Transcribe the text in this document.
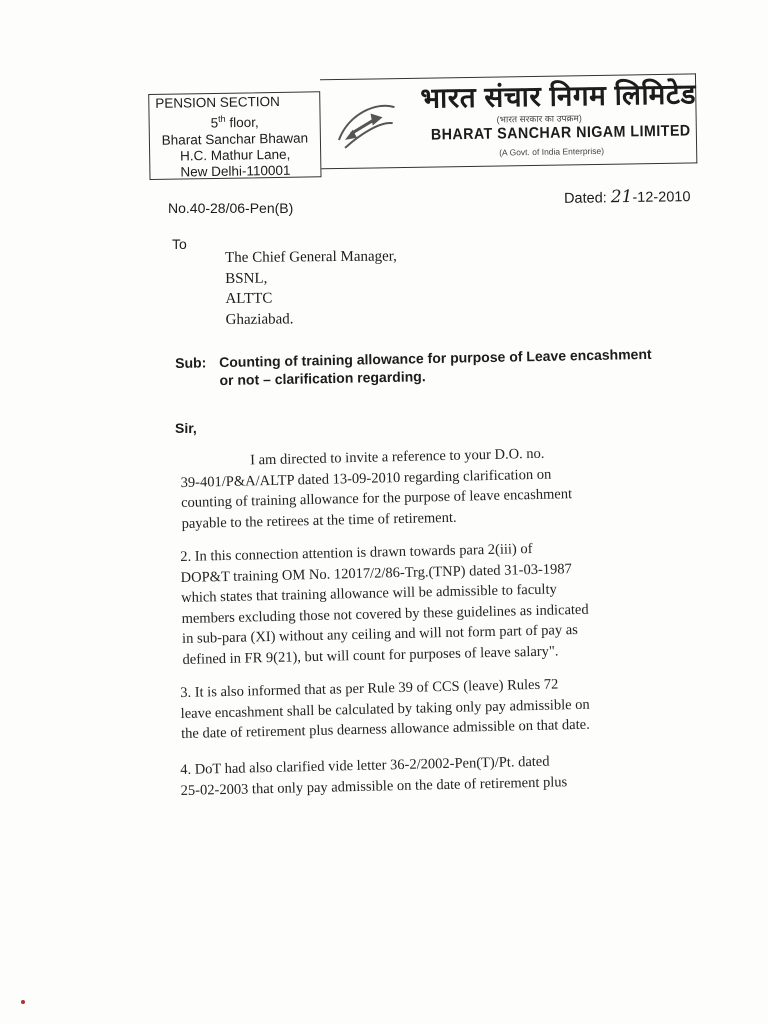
PENSION SECTION
5th floor,
Bharat Sanchar Bhawan
H.C. Mathur Lane,
New Delhi-110001
भारत संचार निगम लिमिटेड
(भारत सरकार का उपक्रम)
BHARAT SANCHAR NIGAM LIMITED
(A Govt. of India Enterprise)
No.40-28/06-Pen(B)
Dated: 21-12-2010
To
The Chief General Manager,
BSNL,
ALTTC
Ghaziabad.
Sub: Counting of training allowance for purpose of Leave encashment
or not – clarification regarding.
Sir,
I am directed to invite a reference to your D.O. no.
39-401/P&A/ALTP dated 13-09-2010 regarding clarification on
counting of training allowance for the purpose of leave encashment
payable to the retirees at the time of retirement.
2. In this connection attention is drawn towards para 2(iii) of
DOP&T training OM No. 12017/2/86-Trg.(TNP) dated 31-03-1987
which states that training allowance will be admissible to faculty
members excluding those not covered by these guidelines as indicated
in sub-para (XI) without any ceiling and will not form part of pay as
defined in FR 9(21), but will count for purposes of leave salary".
3. It is also informed that as per Rule 39 of CCS (leave) Rules 72
leave encashment shall be calculated by taking only pay admissible on
the date of retirement plus dearness allowance admissible on that date.
4. DoT had also clarified vide letter 36-2/2002-Pen(T)/Pt. dated
25-02-2003 that only pay admissible on the date of retirement plus
